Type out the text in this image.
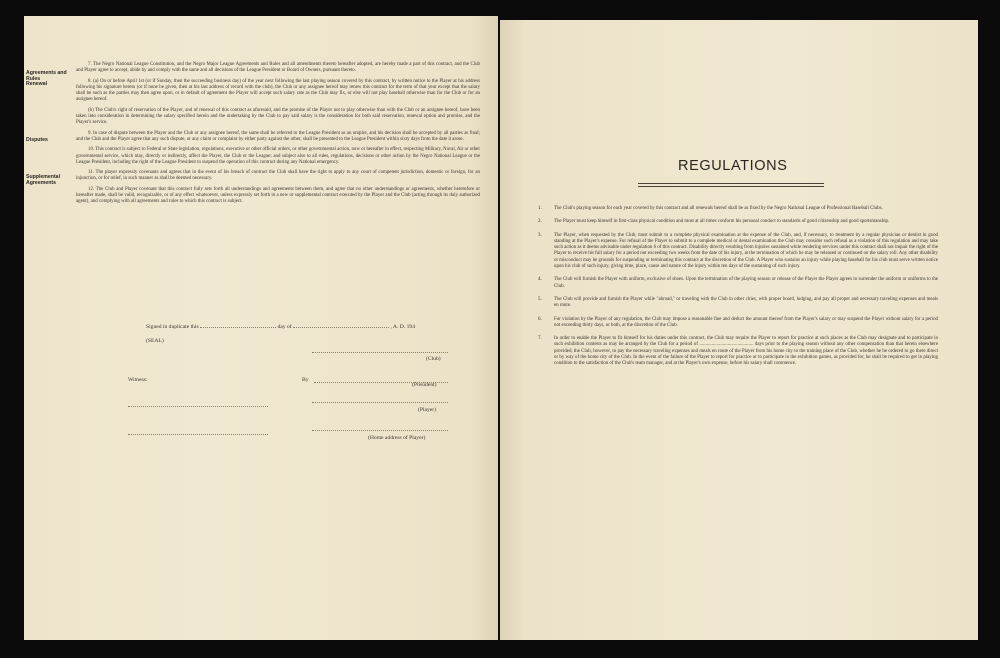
Agreements and Rules

7. The Negro National League Constitution, and the Negro Major League Agreements and Rules and all amendments thereto hereafter adopted, are hereby made a part of this contract, and the Club and Player agree to accept, abide by and comply with the same and all decisions of the League President or Board of Owners, pursuant thereto.

Renewal	8. (a) On or before April 1st (or if Sunday, then the succeeding business day) of the year next following the last playing season covered by this contract, by written notice to the Player at his address following his signature hereto (or if none be given, then at his last address of record with the club), the Club or any assignee hereof may renew this contract for the term of that year except that the salary shall be such as the parties may then agree upon, or in default of agreement the Player will accept such salary rate as the Club may fix, or else will not play baseball otherwise than for the Club or for an assignee hereof.

(b) The Club's right of reservation of the Player, and of renewal of this contract as aforesaid, and the promise of the Player not to play otherwise than with the Club or an assignee hereof, have been taken into consideration in determining the salary specified herein and the undertaking by the Club to pay said salary is the consideration for both said reservation, renewal option and promise, and the Player's service.

Disputes

9. In case of dispute between the Player and the Club or any assignee hereof, the same shall be referred to the League President as an umpire, and his decision shall be accepted by all parties as final; and the Club and the Player agree that any such dispute, or any claim or complaint by either party against the other, shall be presented to the League President within sixty days from the date it arose.

10. This contract is subject to Federal or State legislation, regulations, executive or other official orders, or other governmental action, now or hereafter in effect, respecting Military, Naval, Air or other governmental service, which may, directly or indirectly, affect the Player, the Club or the League; and subject also to all rules, regulations, decisions or other action by the Negro National League or the League President, including the right of the League President to suspend the operation of this contract during any National emergency.

Supplemental Agreements

11. The player expressly covenants and agrees that in the event of his breach of contract the Club shall have the right to apply to any court of competent jurisdiction, domestic or foreign, for an injunction, or for relief, in such manner as shall be deemed necessary.

12. The Club and Player covenant that this contract fully sets forth all understandings and agreements between them, and agree that no other understandings or agreements, whether heretofore or hereafter made, shall be valid, recognizable, or of any effect whatsoever, unless expressly set forth in a new or supplemental contract executed by the Player and the Club (acting through its duly authorized agent), and complying with all agreements and rules to which this contract is subject.

Signed in duplicate this	day of	, A. D. 194
(SEAL)
(Club)
Witness:	By
(President)
(Player)
(Home address of Player)
REGULATIONS
1.	The Club's playing season for each year covered by this contract and all renewals hereof shall be as fixed by the Negro National League of Professional Baseball Clubs.

2.	The Player must keep himself in first-class physical condition and must at all times conform his personal conduct to standards of good citizenship and good sportsmanship.

3.	The Player, when requested by the Club, must submit to a complete physical examination at the expense of the Club, and, if necessary, to treatment by a regular physician or dentist in good standing at the Player's expense. For refusal of the Player to submit to a complete medical or dental examination the Club may consider such refusal as a violation of this regulation and may take such action as it deems advisable under regulation 6 of this contract. Disability directly resulting from injuries sustained while rendering services under this contract shall not impair the right of the Player to receive his full salary for a period not exceeding two weeks from the date of his injury, at the termination of which he may be released or continued on the salary roll. Any other disability or misconduct may be grounds for suspending or terminating this contract at the discretion of the Club. A Player who sustains an injury while playing baseball for his club must serve written notice upon his club of such injury, giving time, place, cause and nature of the injury within ten days of the sustaining of such injury.

4.	The Club will furnish the Player with uniform, exclusive of shoes. Upon the termination of the playing season or release of the Player the Player agrees to surrender the uniform or uniforms to the Club.

5.	The Club will provide and furnish the Player while "abroad," or traveling with the Club in other cities, with proper board, lodging, and pay all proper and necessary traveling expenses and meals en route.

6.	For violation by the Player of any regulation, the Club may impose a reasonable fine and deduct the amount thereof from the Player's salary or may suspend the Player without salary for a period not exceeding thirty days, or both, at the discretion of the Club.

7.	In order to enable the Player to fit himself for his duties under this contract, the Club may require the Player to report for practice at such places as the Club may designate and to participate in such exhibition contests as may be arranged by the Club for a period of ............................................ days prior to the playing season without any other compensation than that herein elsewhere provided, the Club, however, to pay the necessary traveling expenses and meals en route of the Player from his home city to the training place of the Club, whether he be ordered to go there direct or by way of the home city of the Club. In the event of the failure of the Player to report for practice or to participate in the exhibition games, as provided for, he shall be required to get in playing condition to the satisfaction of the Club's team manager, and at the Player's own expense, before his salary shall commence.
